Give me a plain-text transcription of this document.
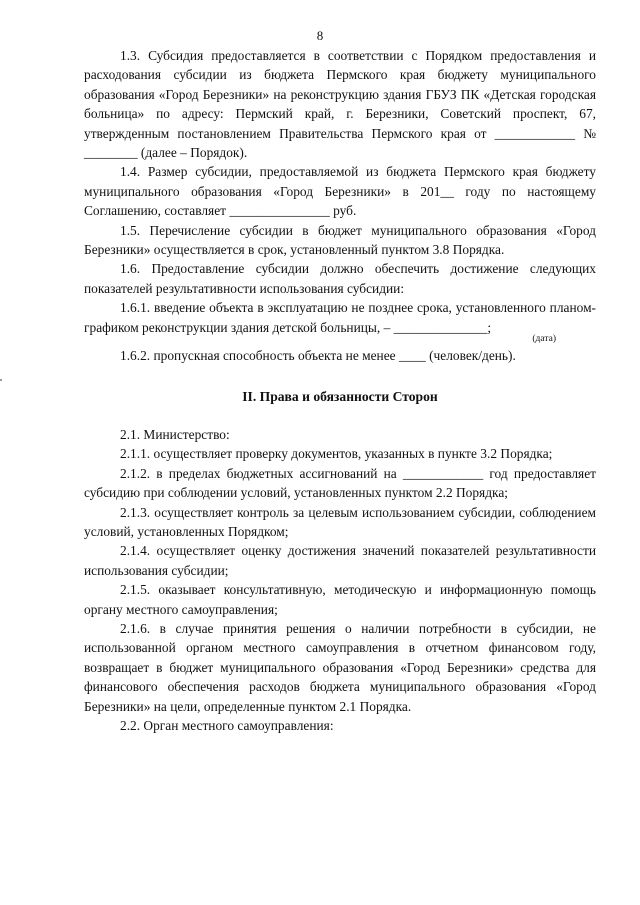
8

1.3. Субсидия предоставляется в соответствии с Порядком предоставления и расходования субсидии из бюджета Пермского края бюджету муниципального образования «Город Березники» на реконструкцию здания ГБУЗ ПК «Детская городская больница» по адресу: Пермский край, г. Березники, Советский проспект, 67, утвержденным постановлением Правительства Пермского края от ____________ № ________ (далее – Порядок).

1.4. Размер субсидии, предоставляемой из бюджета Пермского края бюджету муниципального образования «Город Березники» в 201__ году по настоящему Соглашению, составляет _______________ руб.

1.5. Перечисление субсидии в бюджет муниципального образования «Город Березники» осуществляется в срок, установленный пунктом 3.8 Порядка.

1.6. Предоставление субсидии должно обеспечить достижение следующих показателей результативности использования субсидии:

1.6.1. введение объекта в эксплуатацию не позднее срока, установленного планом-графиком реконструкции здания детской больницы, – ______________;

(дата)

1.6.2. пропускная способность объекта не менее ____ (человек/день).

II. Права и обязанности Сторон

2.1. Министерство:

2.1.1. осуществляет проверку документов, указанных в пункте 3.2 Порядка;

2.1.2. в пределах бюджетных ассигнований на ____________ год предоставляет субсидию при соблюдении условий, установленных пунктом 2.2 Порядка;

2.1.3. осуществляет контроль за целевым использованием субсидии, соблюдением условий, установленных Порядком;

2.1.4. осуществляет оценку достижения значений показателей результативности использования субсидии;

2.1.5. оказывает консультативную, методическую и информационную помощь органу местного самоуправления;

2.1.6. в случае принятия решения о наличии потребности в субсидии, не использованной органом местного самоуправления в отчетном финансовом году, возвращает в бюджет муниципального образования «Город Березники» средства для финансового обеспечения расходов бюджета муниципального образования «Город Березники» на цели, определенные пунктом 2.1 Порядка.

2.2. Орган местного самоуправления:
